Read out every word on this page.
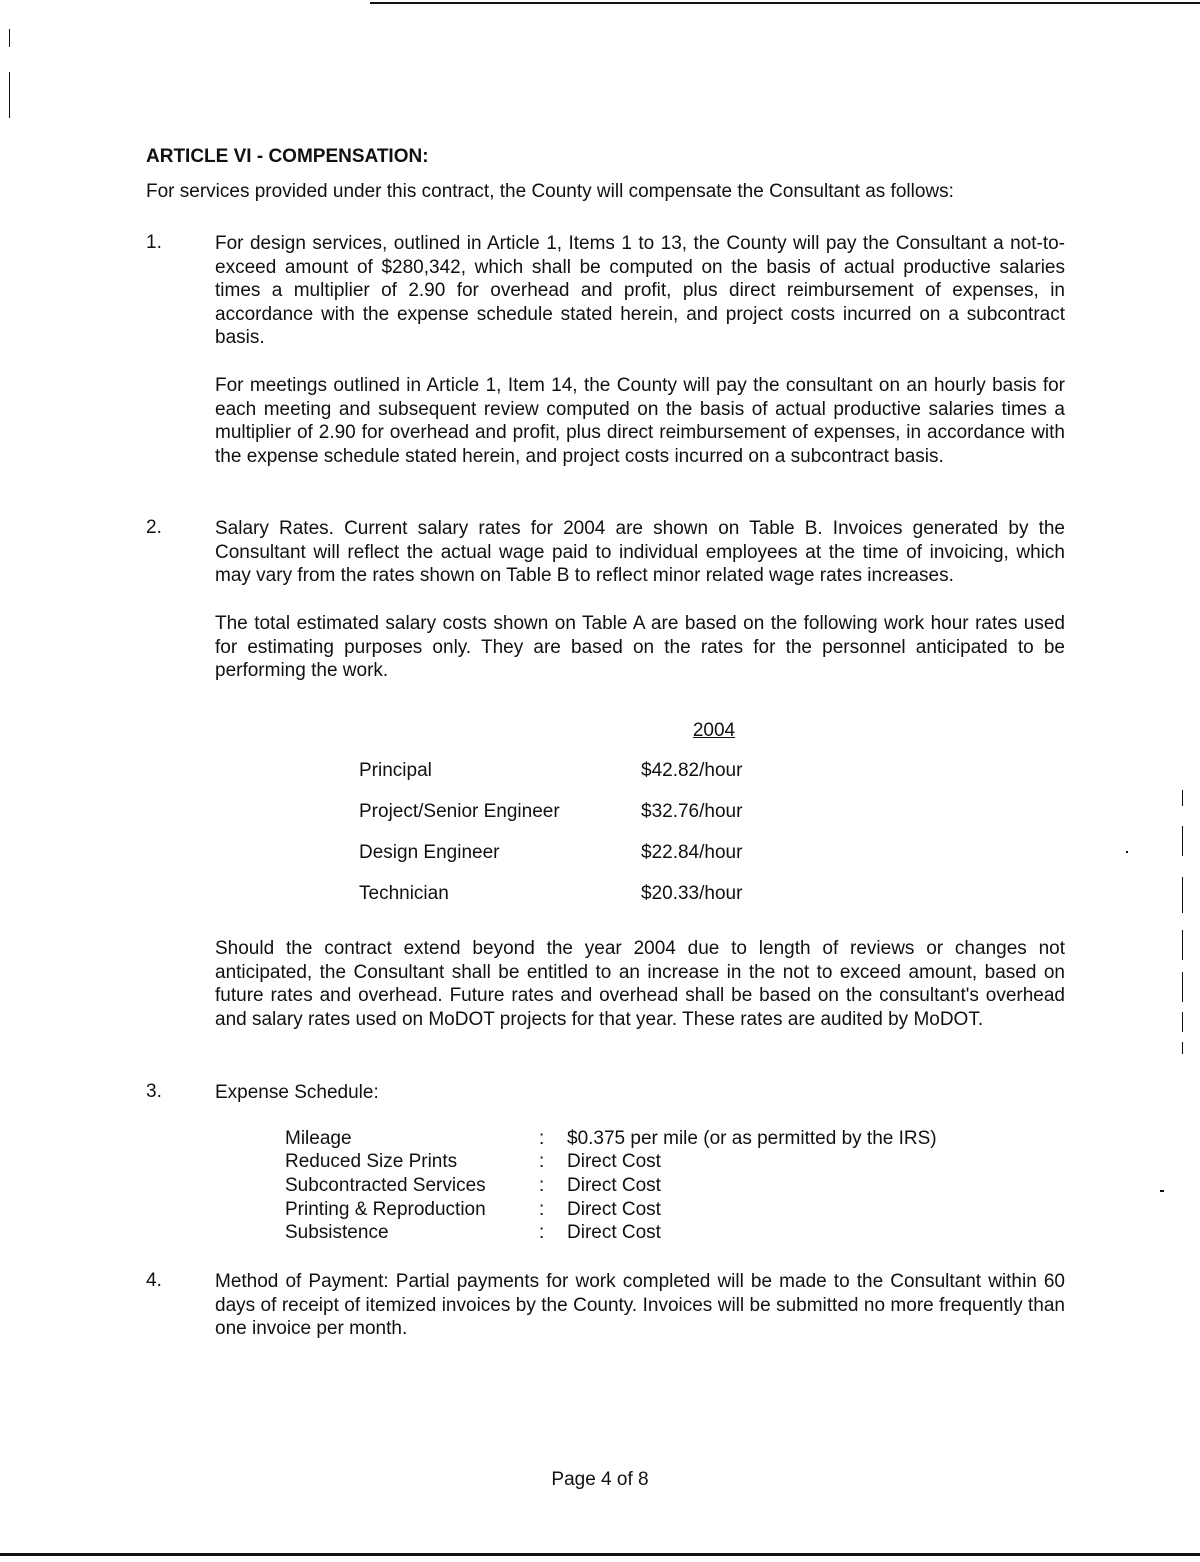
ARTICLE VI - COMPENSATION:
For services provided under this contract, the County will compensate the Consultant as follows:
1.	For design services, outlined in Article 1, Items 1 to 13, the County will pay the Consultant a not-to-exceed amount of $280,342, which shall be computed on the basis of actual productive salaries times a multiplier of 2.90 for overhead and profit, plus direct reimbursement of expenses, in accordance with the expense schedule stated herein, and project costs incurred on a subcontract basis.

For meetings outlined in Article 1, Item 14, the County will pay the consultant on an hourly basis for each meeting and subsequent review computed on the basis of actual productive salaries times a multiplier of 2.90 for overhead and profit, plus direct reimbursement of expenses, in accordance with the expense schedule stated herein, and project costs incurred on a subcontract basis.

2.	Salary Rates. Current salary rates for 2004 are shown on Table B. Invoices generated by the Consultant will reflect the actual wage paid to individual employees at the time of invoicing, which may vary from the rates shown on Table B to reflect minor related wage rates increases.

The total estimated salary costs shown on Table A are based on the following work hour rates used for estimating purposes only. They are based on the rates for the personnel anticipated to be performing the work.

2004
Principal	$42.82/hour
Project/Senior Engineer	$32.76/hour
Design Engineer	$22.84/hour
Technician	$20.33/hour

Should the contract extend beyond the year 2004 due to length of reviews or changes not anticipated, the Consultant shall be entitled to an increase in the not to exceed amount, based on future rates and overhead. Future rates and overhead shall be based on the consultant's overhead and salary rates used on MoDOT projects for that year. These rates are audited by MoDOT.

3.	Expense Schedule:

Mileage	: $0.375 per mile (or as permitted by the IRS)
Reduced Size Prints	: Direct Cost
Subcontracted Services	: Direct Cost
Printing & Reproduction	: Direct Cost
Subsistence	: Direct Cost
4.	Method of Payment: Partial payments for work completed will be made to the Consultant within 60 days of receipt of itemized invoices by the County. Invoices will be submitted no more frequently than one invoice per month.

Page 4 of 8
